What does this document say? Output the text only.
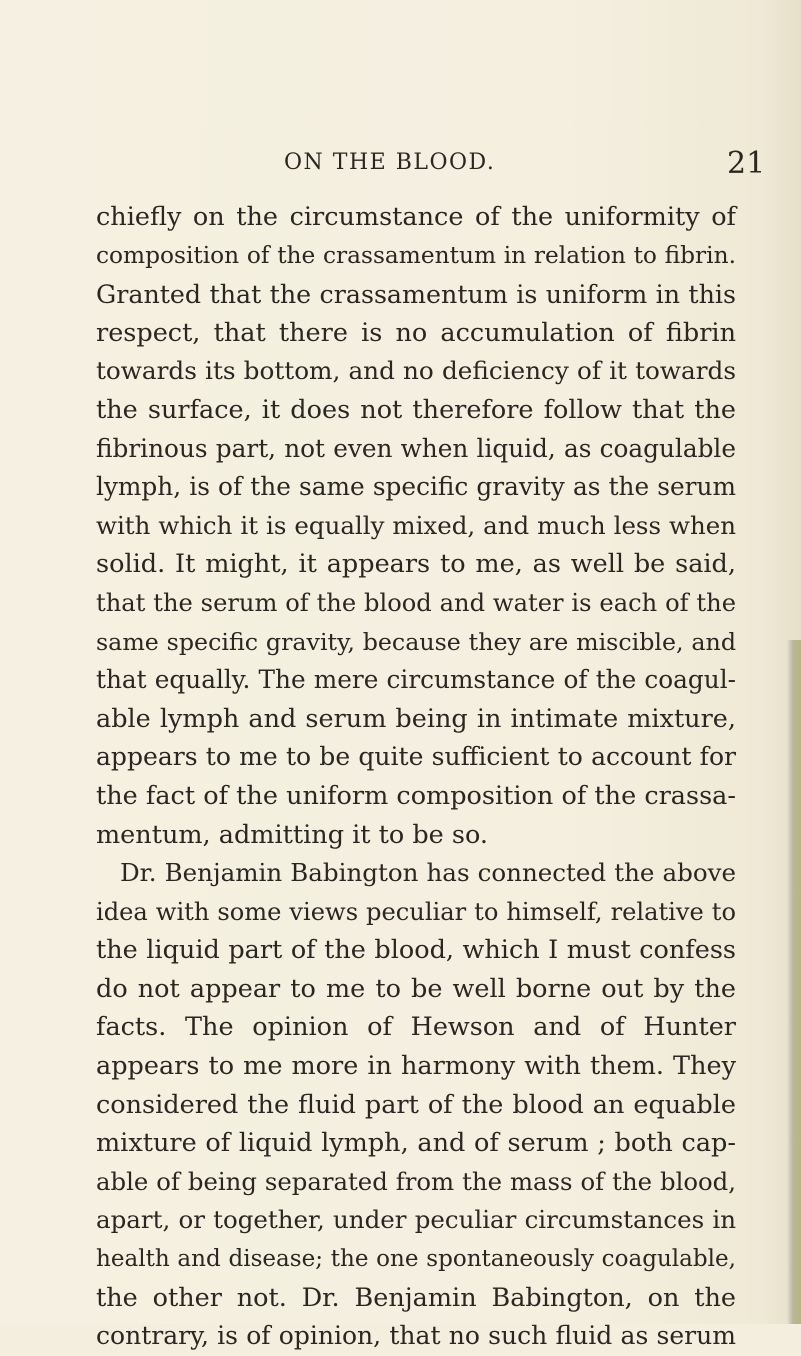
ON THE BLOOD.	21
chiefly on the circumstance of the uniformity of
composition of the crassamentum in relation to fibrin.
Granted that the crassamentum is uniform in this
respect, that there is no accumulation of fibrin
towards its bottom, and no deficiency of it towards
the surface, it does not therefore follow that the
fibrinous part, not even when liquid, as coagulable
lymph, is of the same specific gravity as the serum
with which it is equally mixed, and much less when
solid. It might, it appears to me, as well be said,
that the serum of the blood and water is each of the
same specific gravity, because they are miscible, and
that equally. The mere circumstance of the coagul-
able lymph and serum being in intimate mixture,
appears to me to be quite sufficient to account for
the fact of the uniform composition of the crassa-
mentum, admitting it to be so.
Dr. Benjamin Babington has connected the above
idea with some views peculiar to himself, relative to
the liquid part of the blood, which I must confess
do not appear to me to be well borne out by the
facts. The opinion of Hewson and of Hunter
appears to me more in harmony with them. They
considered the fluid part of the blood an equable
mixture of liquid lymph, and of serum ; both cap-
able of being separated from the mass of the blood,
apart, or together, under peculiar circumstances in
health and disease; the one spontaneously coagulable,
the other not. Dr. Benjamin Babington, on the
contrary, is of opinion, that no such fluid as serum
